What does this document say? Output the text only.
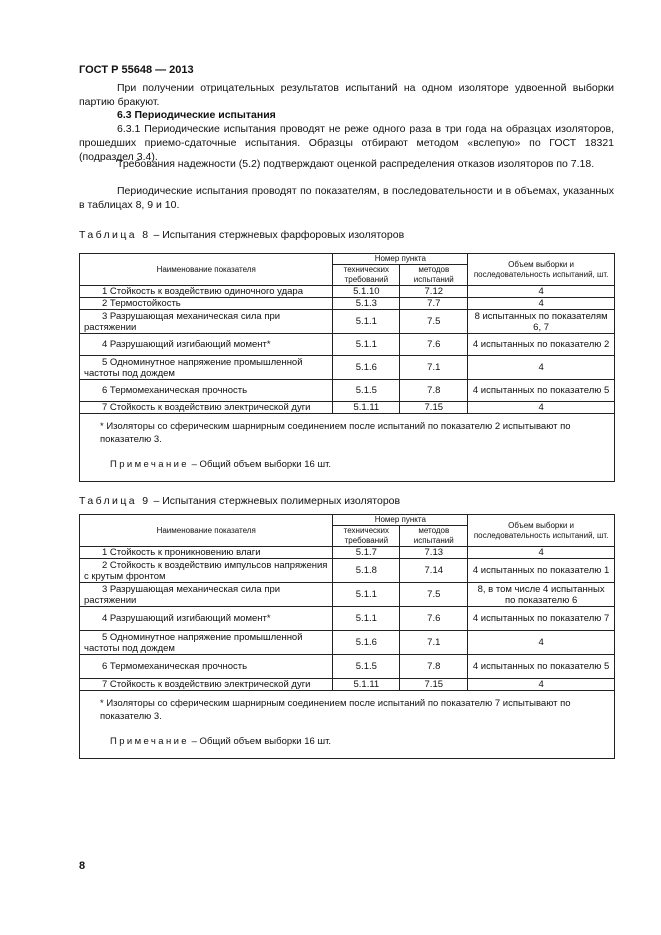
ГОСТ Р 55648 — 2013
При получении отрицательных результатов испытаний на одном изоляторе удвоенной выборки партию бракуют.
6.3 Периодические испытания
6.3.1 Периодические испытания проводят не реже одного раза в три года на образцах изоляторов, прошедших приемо-сдаточные испытания. Образцы отбирают методом «вслепую» по ГОСТ 18321 (подраздел 3.4).
Требования надежности (5.2) подтверждают оценкой распределения отказов изоляторов по 7.18.
Периодические испытания проводят по показателям, в последовательности и в объемах, указанных в таблицах 8, 9 и 10.
Таблица 8 – Испытания стержневых фарфоровых изоляторов
Наименование показателя	Номер пункта		Объем выборки и последовательность испытаний, шт.
	технических требований	методов испытаний	
1 Стойкость к воздействию одиночного удара	5.1.10	7.12	4
2 Термостойкость	5.1.3	7.7	4
3 Разрушающая механическая сила при растяжении	5.1.1	7.5	8 испытанных по показателям 6, 7
4 Разрушающий изгибающий момент*	5.1.1	7.6	4 испытанных по показателю 2
5 Одноминутное напряжение промышленной частоты под дождем	5.1.6	7.1	4
6 Термомеханическая прочность	5.1.5	7.8	4 испытанных по показателю 5
7 Стойкость к воздействию электрической дуги	5.1.11	7.15	4

* Изоляторы со сферическим шарнирным соединением после испытаний по показателю 2 испытывают по показателю 3.
Примечание – Общий объем выборки 16 шт.			
Таблица 9 – Испытания стержневых полимерных изоляторов
Наименование показателя	Номер пункта		Объем выборки и последовательность испытаний, шт.
	технических требований	методов испытаний	
1 Стойкость к проникновению влаги	5.1.7	7.13	4
2 Стойкость к воздействию импульсов напряжения с крутым фронтом	5.1.8	7.14	4 испытанных по показателю 1
3 Разрушающая механическая сила при растяжении	5.1.1	7.5	8, в том числе 4 испытанных по показателю 6
4 Разрушающий изгибающий момент*	5.1.1	7.6	4 испытанных по показателю 7
5 Одноминутное напряжение промышленной частоты под дождем	5.1.6	7.1	4
6 Термомеханическая прочность	5.1.5	7.8	4 испытанных по показателю 5
7 Стойкость к воздействию электрической дуги	5.1.11	7.15	4

* Изоляторы со сферическим шарнирным соединением после испытаний по показателю 7 испытывают по показателю 3.
Примечание – Общий объем выборки 16 шт.			
8
